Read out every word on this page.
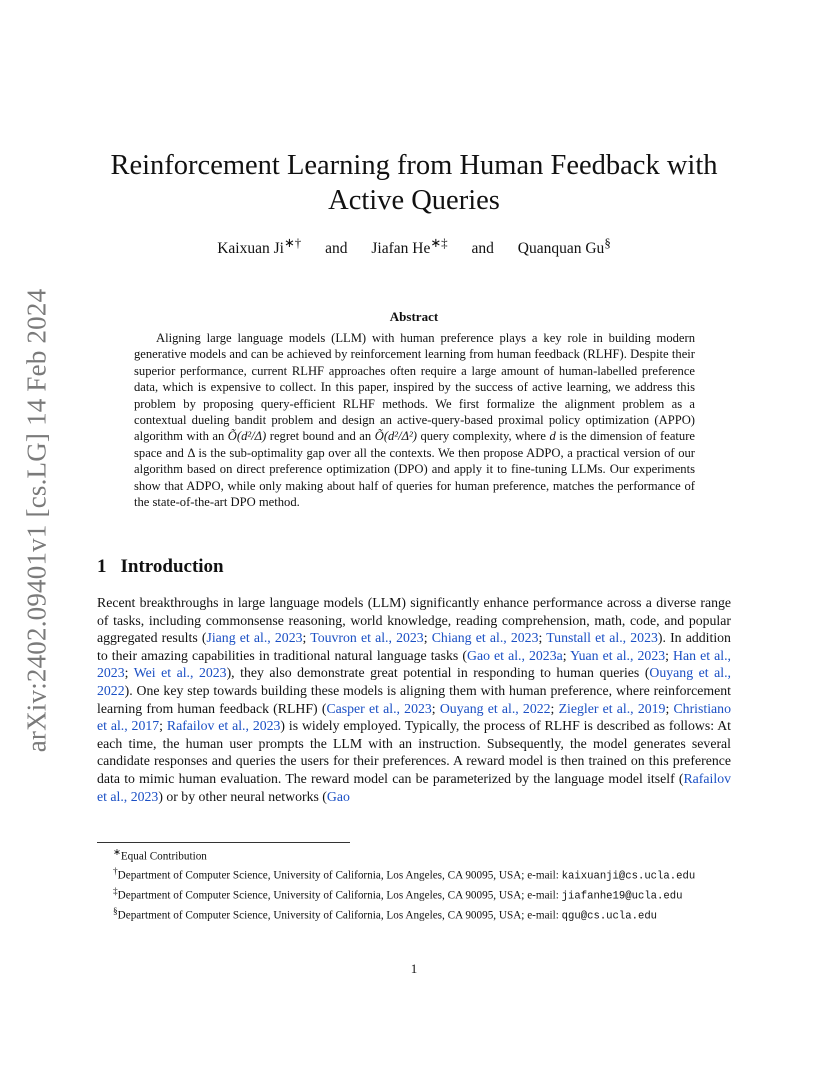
arXiv:2402.09401v1 [cs.LG] 14 Feb 2024
Reinforcement Learning from Human Feedback with
Active Queries
Kaixuan Ji∗† and Jiafan He∗‡ and Quanquan Gu§
Abstract

Aligning large language models (LLM) with human preference plays a key role in building modern generative models and can be achieved by reinforcement learning from human feedback (RLHF). Despite their superior performance, current RLHF approaches often require a large amount of human-labelled preference data, which is expensive to collect. In this paper, inspired by the success of active learning, we address this problem by proposing query-efficient RLHF methods. We first formalize the alignment problem as a contextual dueling bandit problem and design an active-query-based proximal policy optimization (APPO) algorithm with an Õ(d²/Δ) regret bound and an Õ(d²/Δ²) query complexity, where d is the dimension of feature space and Δ is the sub-optimality gap over all the contexts. We then propose ADPO, a practical version of our algorithm based on direct preference optimization (DPO) and apply it to fine-tuning LLMs. Our experiments show that ADPO, while only making about half of queries for human preference, matches the performance of the state-of-the-art DPO method.

1 Introduction

Recent breakthroughs in large language models (LLM) significantly enhance performance across a diverse range of tasks, including commonsense reasoning, world knowledge, reading comprehension, math, code, and popular aggregated results (Jiang et al., 2023; Touvron et al., 2023; Chiang et al., 2023; Tunstall et al., 2023). In addition to their amazing capabilities in traditional natural language tasks (Gao et al., 2023a; Yuan et al., 2023; Han et al., 2023; Wei et al., 2023), they also demonstrate great potential in responding to human queries (Ouyang et al., 2022). One key step towards building these models is aligning them with human preference, where reinforcement learning from human feedback (RLHF) (Casper et al., 2023; Ouyang et al., 2022; Ziegler et al., 2019; Christiano et al., 2017; Rafailov et al., 2023) is widely employed. Typically, the process of RLHF is described as follows: At each time, the human user prompts the LLM with an instruction. Subsequently, the model generates several candidate responses and queries the users for their preferences. A reward model is then trained on this preference data to mimic human evaluation. The reward model can be parameterized by the language model itself (Rafailov et al., 2023) or by other neural networks (Gao

∗Equal Contribution

†Department of Computer Science, University of California, Los Angeles, CA 90095, USA; e-mail: kaixuanji@cs.ucla.edu

‡Department of Computer Science, University of California, Los Angeles, CA 90095, USA; e-mail: jiafanhe19@ucla.edu

§Department of Computer Science, University of California, Los Angeles, CA 90095, USA; e-mail: qgu@cs.ucla.edu

1
